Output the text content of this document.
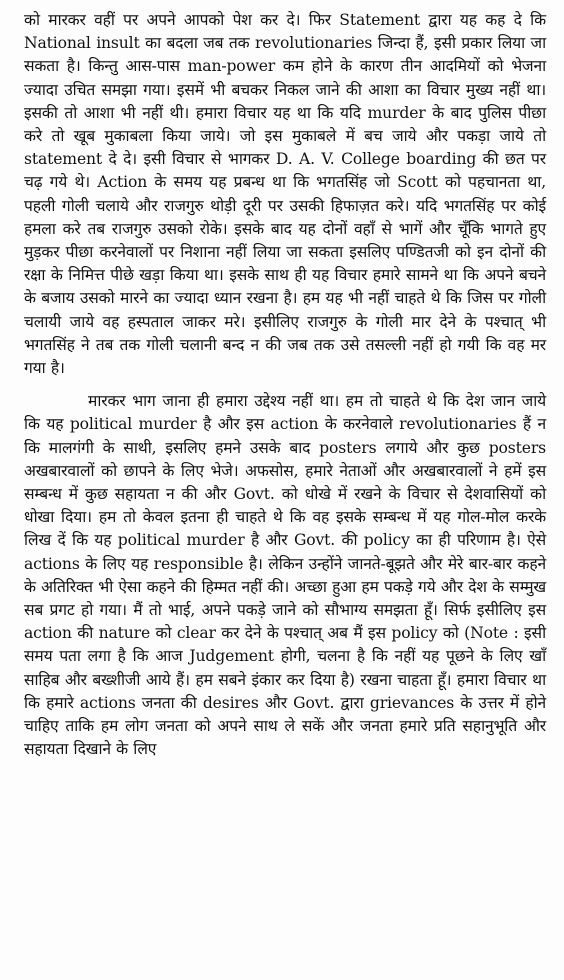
को मारकर वहीं पर अपने आपको पेश कर दे। फिर Statement द्वारा यह कह दे कि National insult का बदला जब तक revolutionaries जिन्दा हैं, इसी प्रकार लिया जा सकता है। किन्तु आस-पास man-power कम होने के कारण तीन आदमियों को भेजना ज्यादा उचित समझा गया। इसमें भी बचकर निकल जाने की आशा का विचार मुख्य नहीं था। इसकी तो आशा भी नहीं थी। हमारा विचार यह था कि यदि murder के बाद पुलिस पीछा करे तो खूब मुकाबला किया जाये। जो इस मुकाबले में बच जाये और पकड़ा जाये तो statement दे दे। इसी विचार से भागकर D. A. V. College boarding की छत पर चढ़ गये थे। Action के समय यह प्रबन्ध था कि भगतसिंह जो Scott को पहचानता था, पहली गोली चलाये और राजगुरु थोड़ी दूरी पर उसकी हिफाज़त करे। यदि भगतसिंह पर कोई हमला करे तब राजगुरु उसको रोके। इसके बाद यह दोनों वहाँ से भागें और चूँकि भागते हुए मुड़कर पीछा करनेवालों पर निशाना नहीं लिया जा सकता इसलिए पण्डितजी को इन दोनों की रक्षा के निमित्त पीछे खड़ा किया था। इसके साथ ही यह विचार हमारे सामने था कि अपने बचने के बजाय उसको मारने का ज्यादा ध्यान रखना है। हम यह भी नहीं चाहते थे कि जिस पर गोली चलायी जाये वह हस्पताल जाकर मरे। इसीलिए राजगुरु के गोली मार देने के पश्चात् भी भगतसिंह ने तब तक गोली चलानी बन्द न की जब तक उसे तसल्ली नहीं हो गयी कि वह मर गया है।

मारकर भाग जाना ही हमारा उद्देश्य नहीं था। हम तो चाहते थे कि देश जान जाये कि यह political murder है और इस action के करनेवाले revolutionaries हैं न कि मालगंगी के साथी, इसलिए हमने उसके बाद posters लगाये और कुछ posters अखबारवालों को छापने के लिए भेजे। अफसोस, हमारे नेताओं और अखबारवालों ने हमें इस सम्बन्ध में कुछ सहायता न की और Govt. को धोखे में रखने के विचार से देशवासियों को धोखा दिया। हम तो केवल इतना ही चाहते थे कि वह इसके सम्बन्ध में यह गोल-मोल करके लिख दें कि यह political murder है और Govt. की policy का ही परिणाम है। ऐसे actions के लिए यह responsible है। लेकिन उन्होंने जानते-बूझते और मेरे बार-बार कहने के अतिरिक्त भी ऐसा कहने की हिम्मत नहीं की। अच्छा हुआ हम पकड़े गये और देश के सम्मुख सब प्रगट हो गया। मैं तो भाई, अपने पकड़े जाने को सौभाग्य समझता हूँ। सिर्फ इसीलिए इस action की nature को clear कर देने के पश्चात् अब मैं इस policy को (Note : इसी समय पता लगा है कि आज Judgement होगी, चलना है कि नहीं यह पूछने के लिए खाँ साहिब और बख्शीजी आये हैं। हम सबने इंकार कर दिया है) रखना चाहता हूँ। हमारा विचार था कि हमारे actions जनता की desires और Govt. द्वारा grievances के उत्तर में होने चाहिए ताकि हम लोग जनता को अपने साथ ले सकें और जनता हमारे प्रति सहानुभूति और सहायता दिखाने के लिए
